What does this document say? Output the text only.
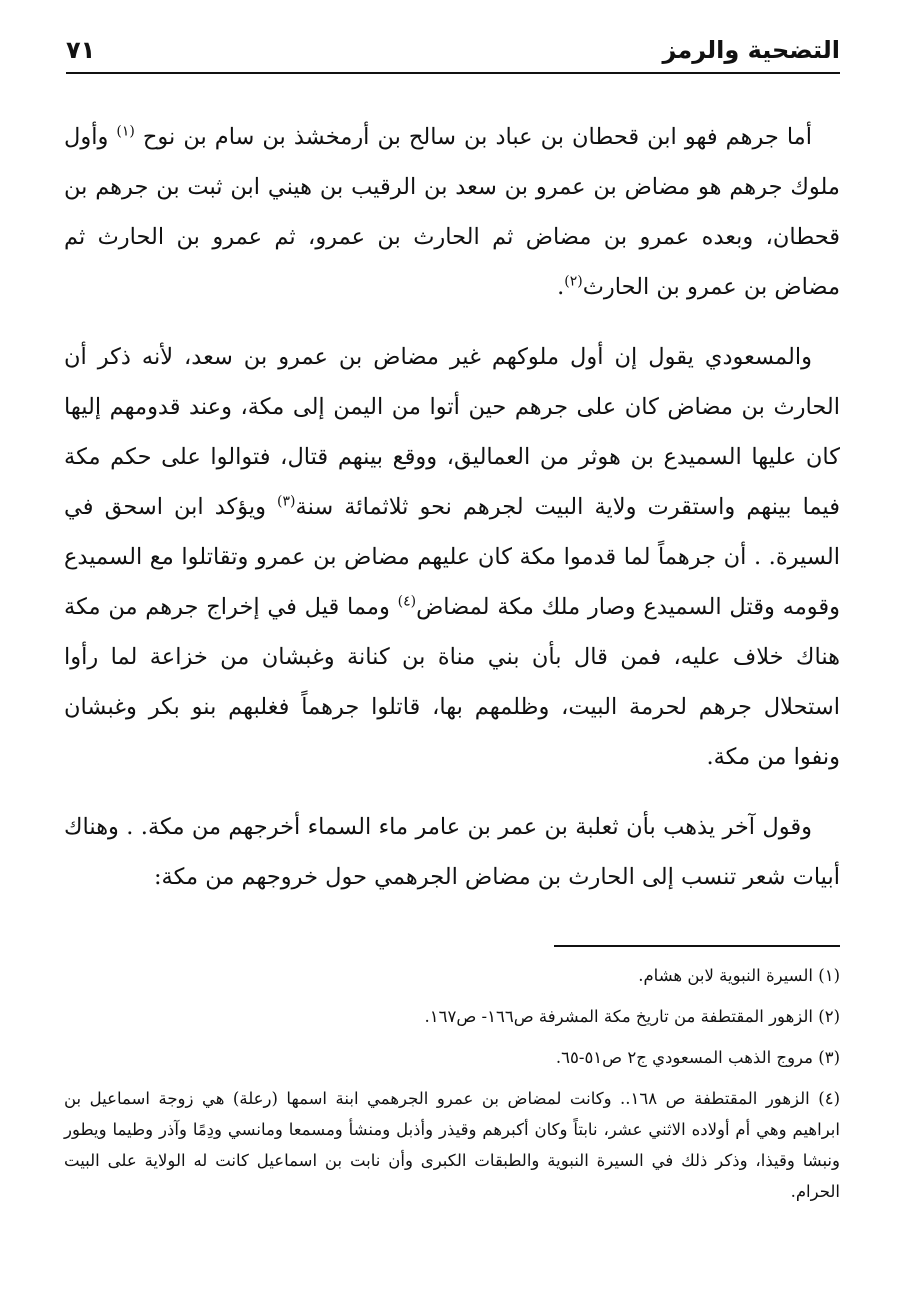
التضحية والرمز
٧١

أما جرهم فهو ابن قحطان بن عباد بن سالح بن أرمخشذ بن سام بن نوح $^{(١)}$ وأول ملوك جرهم هو مضاض بن عمرو بن سعد بن الرقيب بن هيني ابن ثبت بن جرهم بن قحطان، وبعده عمرو بن مضاض ثم الحارث بن عمرو، ثم عمرو بن الحارث ثم مضاض بن عمرو بن الحارث$^{(٢)}$.

والمسعودي يقول إن أول ملوكهم غير مضاض بن عمرو بن سعد، لأنه ذكر أن الحارث بن مضاض كان على جرهم حين أتوا من اليمن إلى مكة، وعند قدومهم إليها كان عليها السميدع بن هوثر من العماليق، ووقع بينهم قتال، فتوالوا على حكم مكة فيما بينهم واستقرت ولاية البيت لجرهم نحو ثلاثمائة سنة$^{(٣)}$ ويؤكد ابن اسحق في السيرة. . أن جرهماً لما قدموا مكة كان عليهم مضاض بن عمرو وتقاتلوا مع السميدع وقومه وقتل السميدع وصار ملك مكة لمضاض$^{(٤)}$ ومما قيل في إخراج جرهم من مكة هناك خلاف عليه، فمن قال بأن بني مناة بن كنانة وغبشان من خزاعة لما رأوا استحلال جرهم لحرمة البيت، وظلمهم بها، قاتلوا جرهماً فغلبهم بنو بكر وغبشان ونفوا من مكة.

وقول آخر يذهب بأن ثعلبة بن عمر بن عامر ماء السماء أخرجهم من مكة. . وهناك أبيات شعر تنسب إلى الحارث بن مضاض الجرهمي حول خروجهم من مكة:

(١) السيرة النبوية لابن هشام.
(٢) الزهور المقتطفة من تاريخ مكة المشرفة ص١٦٦- ص١٦٧.
(٣) مروج الذهب المسعودي ج٢ ص٥١-٦٥.
(٤) الزهور المقتطفة ص ١٦٨.. وكانت لمضاض بن عمرو الجرهمي ابنة اسمها (رعلة) هي زوجة اسماعيل بن ابراهيم وهي أم أولاده الاثني عشر، نابتاً وكان أكبرهم وقيذر وأذبل ومنشأ ومسمعا ومانسي ودِمًا وآذر وطيما ويطور ونبشا وقيذا، وذكر ذلك في السيرة النبوية والطبقات الكبرى وأن نابت بن اسماعيل كانت له الولاية على البيت الحرام.
